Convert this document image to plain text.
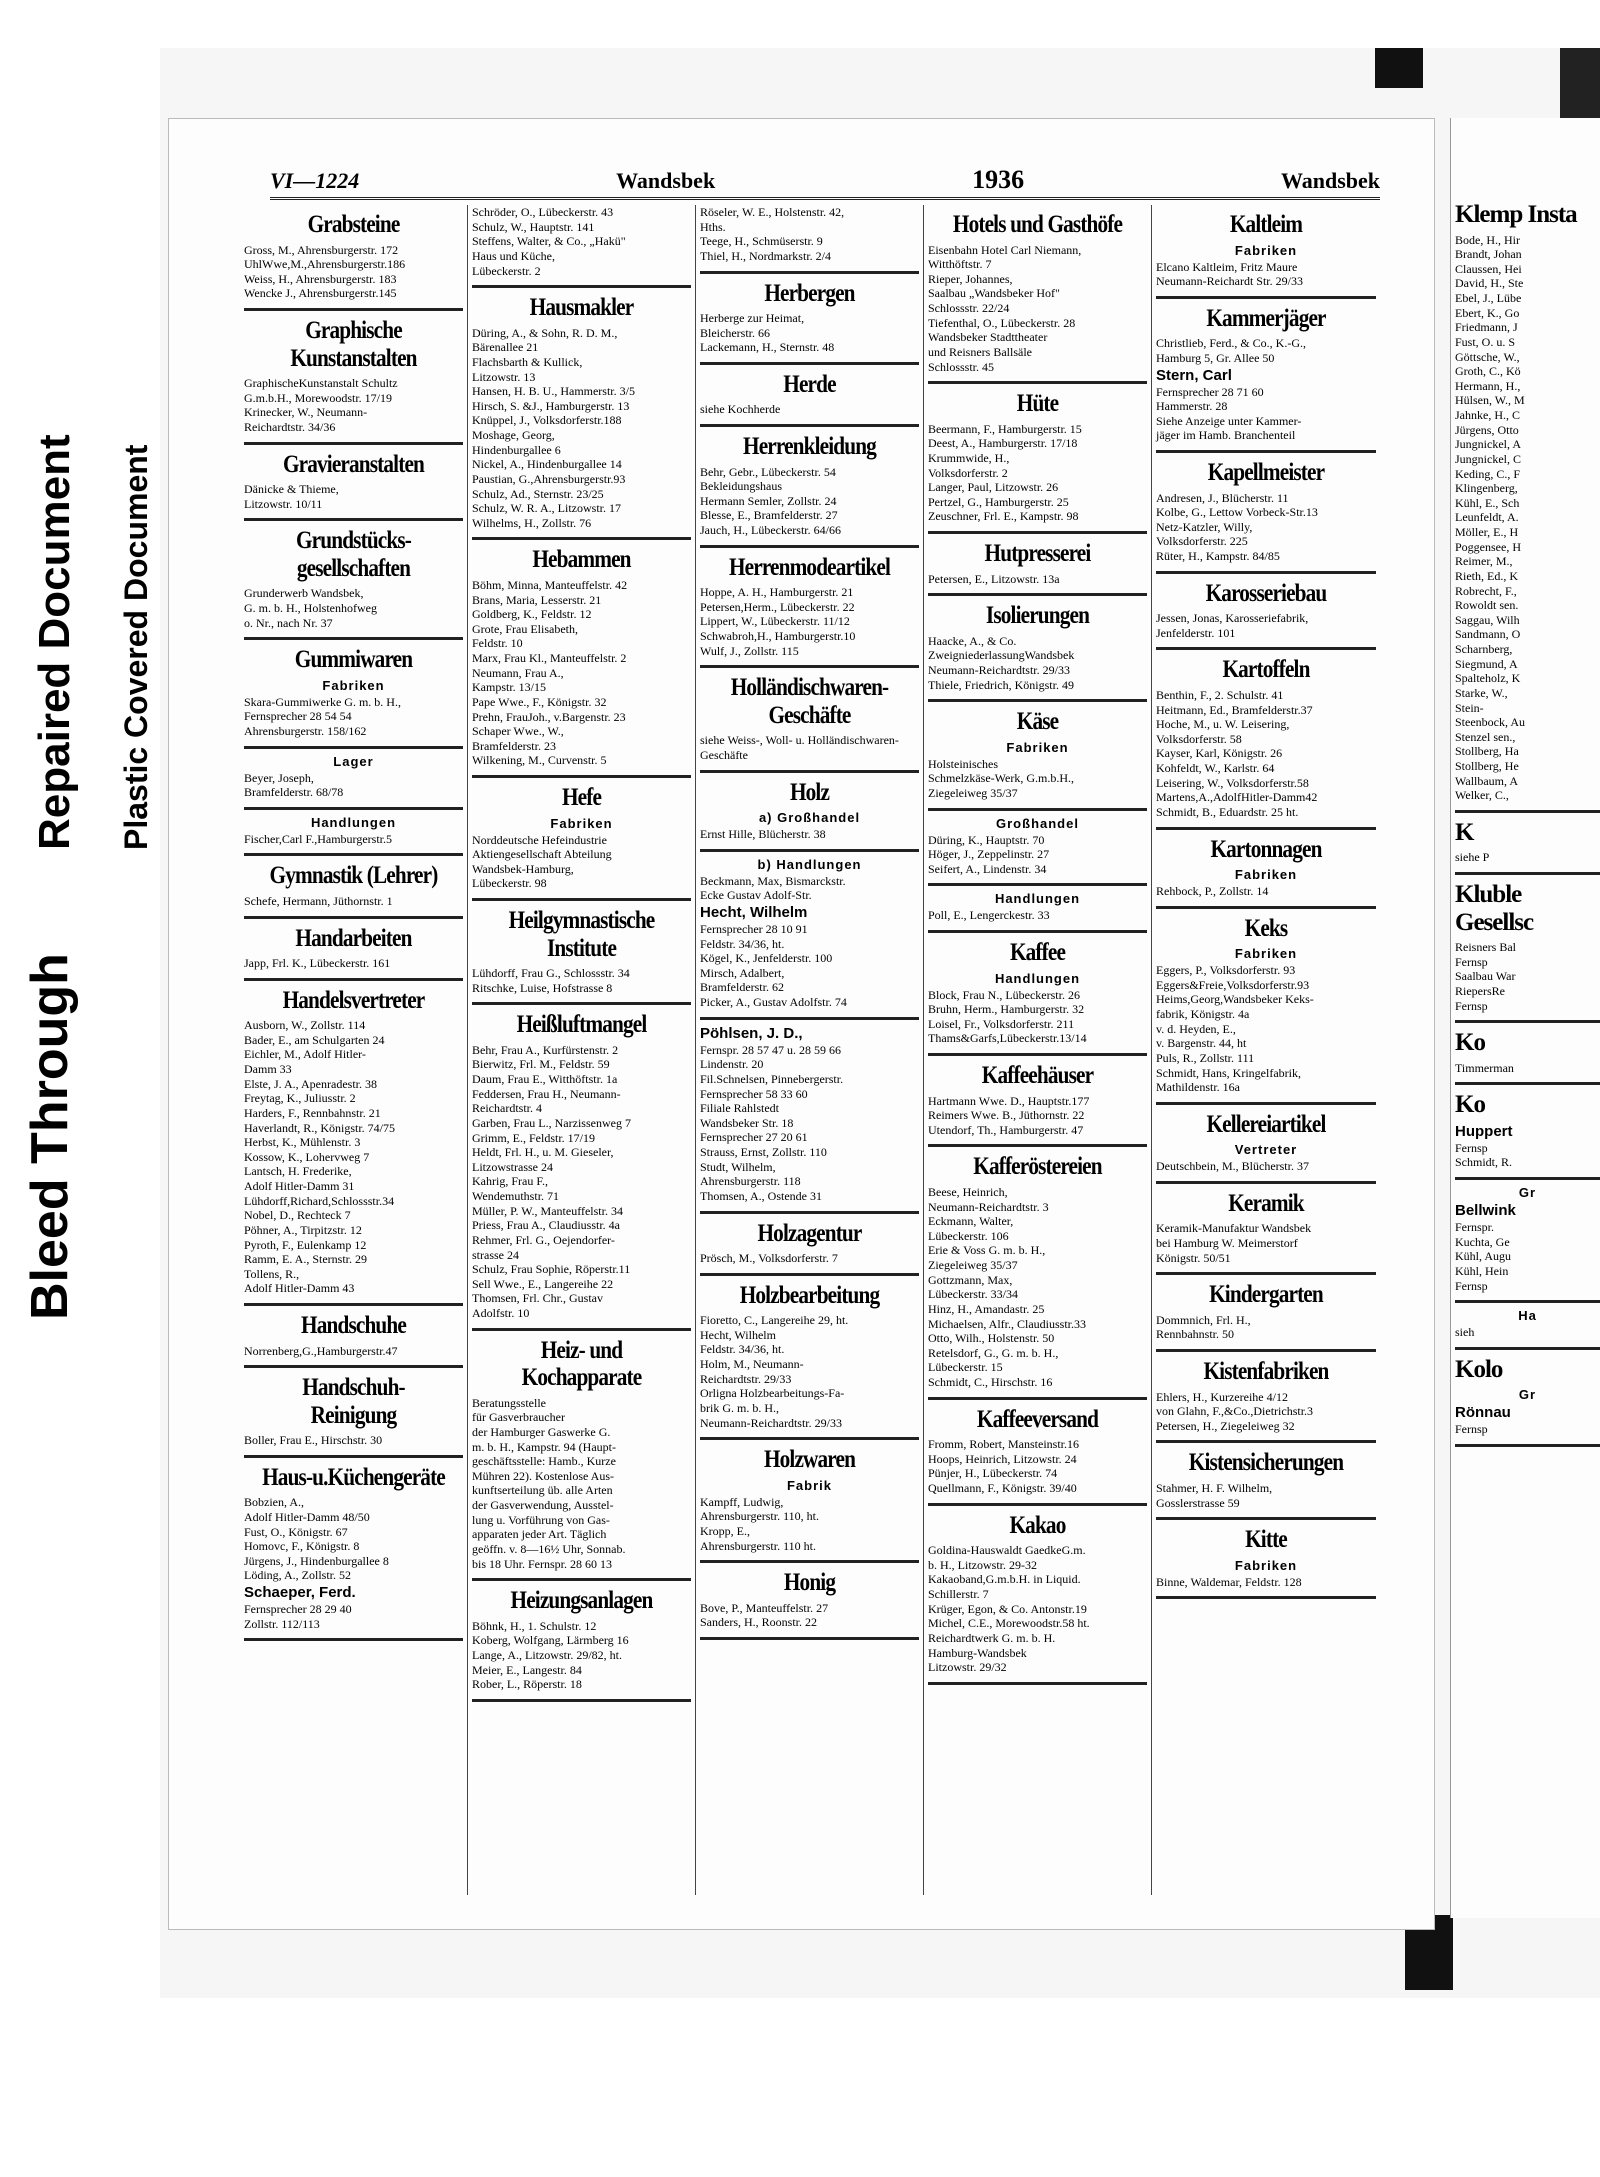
Bleed Through
Repaired Document Plastic Covered Document
VI—1224	Wandsbek	1936	Wandsbek
Grabsteine
Gross, M., Ahrensburgerstr. 172
UhlWwe,M.,Ahrensburgerstr.186
Weiss, H., Ahrensburgerstr. 183
Wencke J., Ahrensburgerstr.145
Graphische Kunstanstalten
GraphischeKunstanstalt Schultz
G.m.b.H., Morewoodstr. 17/19
Krinecker, W., Neumann-
Reichardtstr. 34/36
Gravieranstalten
Dänicke & Thieme,
Litzowstr. 10/11
Grundstücks-gesellschaften
Grunderwerb Wandsbek,
G. m. b. H., Holstenhofweg
o. Nr., nach Nr. 37
Gummiwaren
Fabriken
Skara-Gummiwerke G. m. b. H.,
Fernsprecher 28 54 54
Ahrensburgerstr. 158/162
Lager
Beyer, Joseph,
Bramfelderstr. 68/78
Handlungen
Fischer,Carl F.,Hamburgerstr.5
Gymnastik (Lehrer)
Schefe, Hermann, Jüthornstr. 1
Handarbeiten
Japp, Frl. K., Lübeckerstr. 161
Handelsvertreter
Ausborn, W., Zollstr. 114
Bader, E., am Schulgarten 24
Eichler, M., Adolf Hitler-
Damm 33
Elste, J. A., Apenradestr. 38
Freytag, K., Juliusstr. 2
Harders, F., Rennbahnstr. 21
Haverlandt, R., Königstr. 74/75
Herbst, K., Mühlenstr. 3
Kossow, K., Lohervweg 7
Lantsch, H. Frederike,
Adolf Hitler-Damm 31
Lühdorff,Richard,Schlossstr.34
Nobel, D., Rechteck 7
Pöhner, A., Tirpitzstr. 12
Pyroth, F., Eulenkamp 12
Ramm, E. A., Sternstr. 29
Tollens, R.,
Adolf Hitler-Damm 43
Handschuhe
Norrenberg,G.,Hamburgerstr.47
Handschuh-Reinigung
Boller, Frau E., Hirschstr. 30
Haus-u.Küchengeräte
Bobzien, A.,
Adolf Hitler-Damm 48/50
Fust, O., Königstr. 67
Homovc, F., Königstr. 8
Jürgens, J., Hindenburgallee 8
Löding, A., Zollstr. 52
Schaeper, Ferd.
Fernsprecher 28 29 40
Zollstr. 112/113
Schröder, O., Lübeckerstr. 43
Schulz, W., Hauptstr. 141
Steffens, Walter, & Co., „Hakü"
Haus und Küche,
Lübeckerstr. 2
Hausmakler
Düring, A., & Sohn, R. D. M.,
Bärenallee 21
Flachsbarth & Kullick,
Litzowstr. 13
Hansen, H. B. U., Hammerstr. 3/5
Hirsch, S. &J., Hamburgerstr. 13
Knüppel, J., Volksdorferstr.188
Moshage, Georg,
Hindenburgallee 6
Nickel, A., Hindenburgallee 14
Paustian, G.,Ahrensburgerstr.93
Schulz, Ad., Sternstr. 23/25
Schulz, W. R. A., Litzowstr. 17
Wilhelms, H., Zollstr. 76
Hebammen
Böhm, Minna, Manteuffelstr. 42
Brans, Maria, Lesserstr. 21
Goldberg, K., Feldstr. 12
Grote, Frau Elisabeth,
Feldstr. 10
Marx, Frau Kl., Manteuffelstr. 2
Neumann, Frau A.,
Kampstr. 13/15
Pape Wwe., F., Königstr. 32
Prehn, FrauJoh., v.Bargenstr. 23
Schaper Wwe., W.,
Bramfelderstr. 23
Wilkening, M., Curvenstr. 5
Hefe
Fabriken
Norddeutsche Hefeindustrie
Aktiengesellschaft Abteilung
Wandsbek-Hamburg,
Lübeckerstr. 98
Heilgymnastische Institute
Lühdorff, Frau G., Schlossstr. 34
Ritschke, Luise, Hofstrasse 8
Heißluftmangel
Behr, Frau A., Kurfürstenstr. 2
Bierwitz, Frl. M., Feldstr. 59
Daum, Frau E., Witthöftstr. 1a
Feddersen, Frau H., Neumann-
Reichardtstr. 4
Garben, Frau L., Narzissenweg 7
Grimm, E., Feldstr. 17/19
Heldt, Frl. H., u. M. Gieseler,
Litzowstrasse 24
Kahrig, Frau F.,
Wendemuthstr. 71
Müller, P. W., Manteuffelstr. 34
Priess, Frau A., Claudiusstr. 4a
Rehmer, Frl. G., Oejendorfer-
strasse 24
Schulz, Frau Sophie, Röperstr.11
Sell Wwe., E., Langereihe 22
Thomsen, Frl. Chr., Gustav
Adolfstr. 10
Heiz- und Kochapparate
Beratungsstelle
für Gasverbraucher
der Hamburger Gaswerke G.
m. b. H., Kampstr. 94 (Haupt-
geschäftsstelle: Hamb., Kurze
Mühren 22). Kostenlose Aus-
kunftserteilung üb. alle Arten
der Gasverwendung, Ausstel-
lung u. Vorführung von Gas-
apparaten jeder Art. Täglich
geöffn. v. 8—16½ Uhr, Sonnab.
bis 18 Uhr. Fernspr. 28 60 13
Heizungsanlagen
Böhnk, H., 1. Schulstr. 12
Koberg, Wolfgang, Lärmberg 16
Lange, A., Litzowstr. 29/82, ht.
Meier, E., Langestr. 84
Rober, L., Röperstr. 18
Röseler, W. E., Holstenstr. 42,
Hths.
Teege, H., Schmüserstr. 9
Thiel, H., Nordmarkstr. 2/4
Herbergen
Herberge zur Heimat,
Bleicherstr. 66
Lackemann, H., Sternstr. 48
Herde
siehe Kochherde
Herrenkleidung
Behr, Gebr., Lübeckerstr. 54
Bekleidungshaus
Hermann Semler, Zollstr. 24
Blesse, E., Bramfelderstr. 27
Jauch, H., Lübeckerstr. 64/66
Herrenmodeartikel
Hoppe, A. H., Hamburgerstr. 21
Petersen,Herm., Lübeckerstr. 22
Lippert, W., Lübeckerstr. 11/12
Schwabroh,H., Hamburgerstr.10
Wulf, J., Zollstr. 115
Holländischwaren-Geschäfte
siehe Weiss-, Woll- u. Holländischwaren-Geschäfte
Holz
a) Großhandel
Ernst Hille, Blücherstr. 38
b) Handlungen
Beckmann, Max, Bismarckstr.
Ecke Gustav Adolf-Str.
Hecht, Wilhelm
Fernsprecher 28 10 91
Feldstr. 34/36, ht.
Kögel, K., Jenfelderstr. 100
Mirsch, Adalbert,
Bramfelderstr. 62
Picker, A., Gustav Adolfstr. 74
Pöhlsen, J. D.,
Fernspr. 28 57 47 u. 28 59 66
Lindenstr. 20
Fil.Schnelsen, Pinnebergerstr.
Fernsprecher 58 33 60
Filiale Rahlstedt
Wandsbeker Str. 18
Fernsprecher 27 20 61
Strauss, Ernst, Zollstr. 110
Studt, Wilhelm,
Ahrensburgerstr. 118
Thomsen, A., Ostende 31
Holzagentur
Prösch, M., Volksdorferstr. 7
Holzbearbeitung
Fioretto, C., Langereihe 29, ht.
Hecht, Wilhelm
Feldstr. 34/36, ht.
Holm, M., Neumann-
Reichardtstr. 29/33
Orligna Holzbearbeitungs-Fa-
brik G. m. b. H.,
Neumann-Reichardtstr. 29/33
Holzwaren
Fabrik
Kampff, Ludwig,
Ahrensburgerstr. 110, ht.
Kropp, E.,
Ahrensburgerstr. 110 ht.
Honig
Bove, P., Manteuffelstr. 27
Sanders, H., Roonstr. 22
Hotels und Gasthöfe
Eisenbahn Hotel Carl Niemann,
Witthöftstr. 7
Rieper, Johannes,
Saalbau „Wandsbeker Hof"
Schlossstr. 22/24
Tiefenthal, O., Lübeckerstr. 28
Wandsbeker Stadttheater
und Reisners Ballsäle
Schlossstr. 45
Hüte
Beermann, F., Hamburgerstr. 15
Deest, A., Hamburgerstr. 17/18
Krummwide, H.,
Volksdorferstr. 2
Langer, Paul, Litzowstr. 26
Pertzel, G., Hamburgerstr. 25
Zeuschner, Frl. E., Kampstr. 98
Hutpresserei
Petersen, E., Litzowstr. 13a
Isolierungen
Haacke, A., & Co.
ZweigniederlassungWandsbek
Neumann-Reichardtstr. 29/33
Thiele, Friedrich, Königstr. 49
Käse
Fabriken
Holsteinisches
Schmelzkäse-Werk, G.m.b.H.,
Ziegeleiweg 35/37
Großhandel
Düring, K., Hauptstr. 70
Höger, J., Zeppelinstr. 27
Seifert, A., Lindenstr. 34
Handlungen
Poll, E., Lengerckestr. 33
Kaffee
Handlungen
Block, Frau N., Lübeckerstr. 26
Bruhn, Herm., Hamburgerstr. 32
Loisel, Fr., Volksdorferstr. 211
Thams&Garfs,Lübeckerstr.13/14
Kaffeehäuser
Hartmann Wwe. D., Hauptstr.177
Reimers Wwe. B., Jüthornstr. 22
Utendorf, Th., Hamburgerstr. 47
Kafferöstereien
Beese, Heinrich,
Neumann-Reichardtstr. 3
Eckmann, Walter,
Lübeckerstr. 106
Erie & Voss G. m. b. H.,
Ziegeleiweg 35/37
Gottzmann, Max,
Lübeckerstr. 33/34
Hinz, H., Amandastr. 25
Michaelsen, Alfr., Claudiusstr.33
Otto, Wilh., Holstenstr. 50
Retelsdorf, G., G. m. b. H.,
Lübeckerstr. 15
Schmidt, C., Hirschstr. 16
Kaffeeversand
Fromm, Robert, Mansteinstr.16
Hoops, Heinrich, Litzowstr. 24
Pünjer, H., Lübeckerstr. 74
Quellmann, F., Königstr. 39/40
Kakao
Goldina-Hauswaldt GaedkeG.m.
b. H., Litzowstr. 29-32
Kakaoband,G.m.b.H. in Liquid.
Schillerstr. 7
Krüger, Egon, & Co. Antonstr.19
Michel, C.E., Morewoodstr.58 ht.
Reichardtwerk G. m. b. H.
Hamburg-Wandsbek
Litzowstr. 29/32
Kaltleim
Fabriken
Elcano Kaltleim, Fritz Maure
Neumann-Reichardt Str. 29/33
Kammerjäger
Christlieb, Ferd., & Co., K.-G.,
Hamburg 5, Gr. Allee 50
Stern, Carl
Fernsprecher 28 71 60
Hammerstr. 28
Siehe Anzeige unter Kammer-
jäger im Hamb. Branchenteil
Kapellmeister
Andresen, J., Blücherstr. 11
Kolbe, G., Lettow Vorbeck-Str.13
Netz-Katzler, Willy,
Volksdorferstr. 225
Rüter, H., Kampstr. 84/85
Karosseriebau
Jessen, Jonas, Karosseriefabrik,
Jenfelderstr. 101
Kartoffeln
Benthin, F., 2. Schulstr. 41
Heitmann, Ed., Bramfelderstr.37
Hoche, M., u. W. Leisering,
Volksdorferstr. 58
Kayser, Karl, Königstr. 26
Kohfeldt, W., Karlstr. 64
Leisering, W., Volksdorferstr.58
Martens,A.,AdolfHitler-Damm42
Schmidt, B., Eduardstr. 25 ht.
Kartonnagen
Fabriken
Rehbock, P., Zollstr. 14
Keks
Fabriken
Eggers, P., Volksdorferstr. 93
Eggers&Freie,Volksdorferstr.93
Heims,Georg,Wandsbeker Keks-
fabrik, Königstr. 4a
v. d. Heyden, E.,
v. Bargenstr. 44, ht
Puls, R., Zollstr. 111
Schmidt, Hans, Kringelfabrik,
Mathildenstr. 16a
Kellereiartikel
Vertreter
Deutschbein, M., Blücherstr. 37
Keramik
Keramik-Manufaktur Wandsbek
bei Hamburg W. Meimerstorf
Königstr. 50/51
Kindergarten
Dommnich, Frl. H.,
Rennbahnstr. 50
Kistenfabriken
Ehlers, H., Kurzereihe 4/12
von Glahn, F.,&Co.,Dietrichstr.3
Petersen, H., Ziegeleiweg 32
Kistensicherungen
Stahmer, H. F. Wilhelm,
Gosslerstrasse 59
Kitte
Fabriken
Binne, Waldemar, Feldstr. 128
Klemp Insta
Bode, H., Hir
Brandt, Johan
Claussen, Hei
David, H., Ste
Ebel, J., Lübe
Ebert, K., Go
Friedmann, J
Fust, O. u. S
Göttsche, W.,
Groth, C., Kö
Hermann, H.,
Hülsen, W., M
Jahnke, H., C
Jürgens, Otto
Jungnickel, A
Jungnickel, C
Keding, C., F
Klingenberg,
Kühl, E., Sch
Leunfeldt, A.
Möller, E., H
Poggensee, H
Reimer, M.,
Rieth, Ed., K
Robrecht, F.,
Rowoldt sen.
Saggau, Wilh
Sandmann, O
Scharnberg,
Siegmund, A
Spalteholz, K
Starke, W.,
Stein-
Steenbock, Au
Stenzel sen.,
Stollberg, Ha
Stollberg, He
Wallbaum, A
Welker, C.,
K
siehe P
Kluble Gesellsc
Reisners Bal
Fernsp
Saalbau War
RiepersRe
Fernsp
Ko
Timmerman
Ko
Huppert
Fernsp
Schmidt, R.
Gr
Bellwink
Fernspr.
Kuchta, Ge
Kühl, Augu
Kühl, Hein
Fernsp
Ha
sieh
Kolo
Gr
Rönnau
Fernsp
